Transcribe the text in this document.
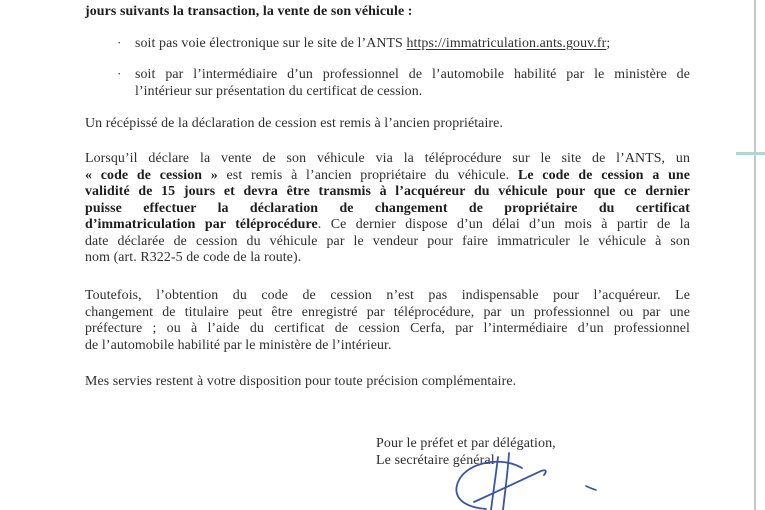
jours suivants la transaction, la vente de son véhicule :
· soit pas voie électronique sur le site de l’ANTS https://immatriculation.ants.gouv.fr;
· soit par l’intermédiaire d’un professionnel de l’automobile habilité par le ministère de
l’intérieur sur présentation du certificat de cession.
Un récépissé de la déclaration de cession est remis à l’ancien propriétaire.
Lorsqu’il déclare la vente de son véhicule via la téléprocédure sur le site de l’ANTS, un
« code de cession » est remis à l’ancien propriétaire du véhicule. Le code de cession a une
validité de 15 jours et devra être transmis à l’acquéreur du véhicule pour que ce dernier
puisse effectuer la déclaration de changement de propriétaire du certificat
d’immatriculation par téléprocédure. Ce dernier dispose d’un délai d’un mois à partir de la
date déclarée de cession du véhicule par le vendeur pour faire immatriculer le véhicule à son
nom (art. R322-5 de code de la route).
Toutefois, l’obtention du code de cession n’est pas indispensable pour l’acquéreur. Le
changement de titulaire peut être enregistré par téléprocédure, par un professionnel ou par une
préfecture ; ou à l’aide du certificat de cession Cerfa, par l’intermédiaire d’un professionnel
de l’automobile habilité par le ministère de l’intérieur.
Mes servies restent à votre disposition pour toute précision complémentaire.
Pour le préfet et par délégation,
Le secrétaire général
